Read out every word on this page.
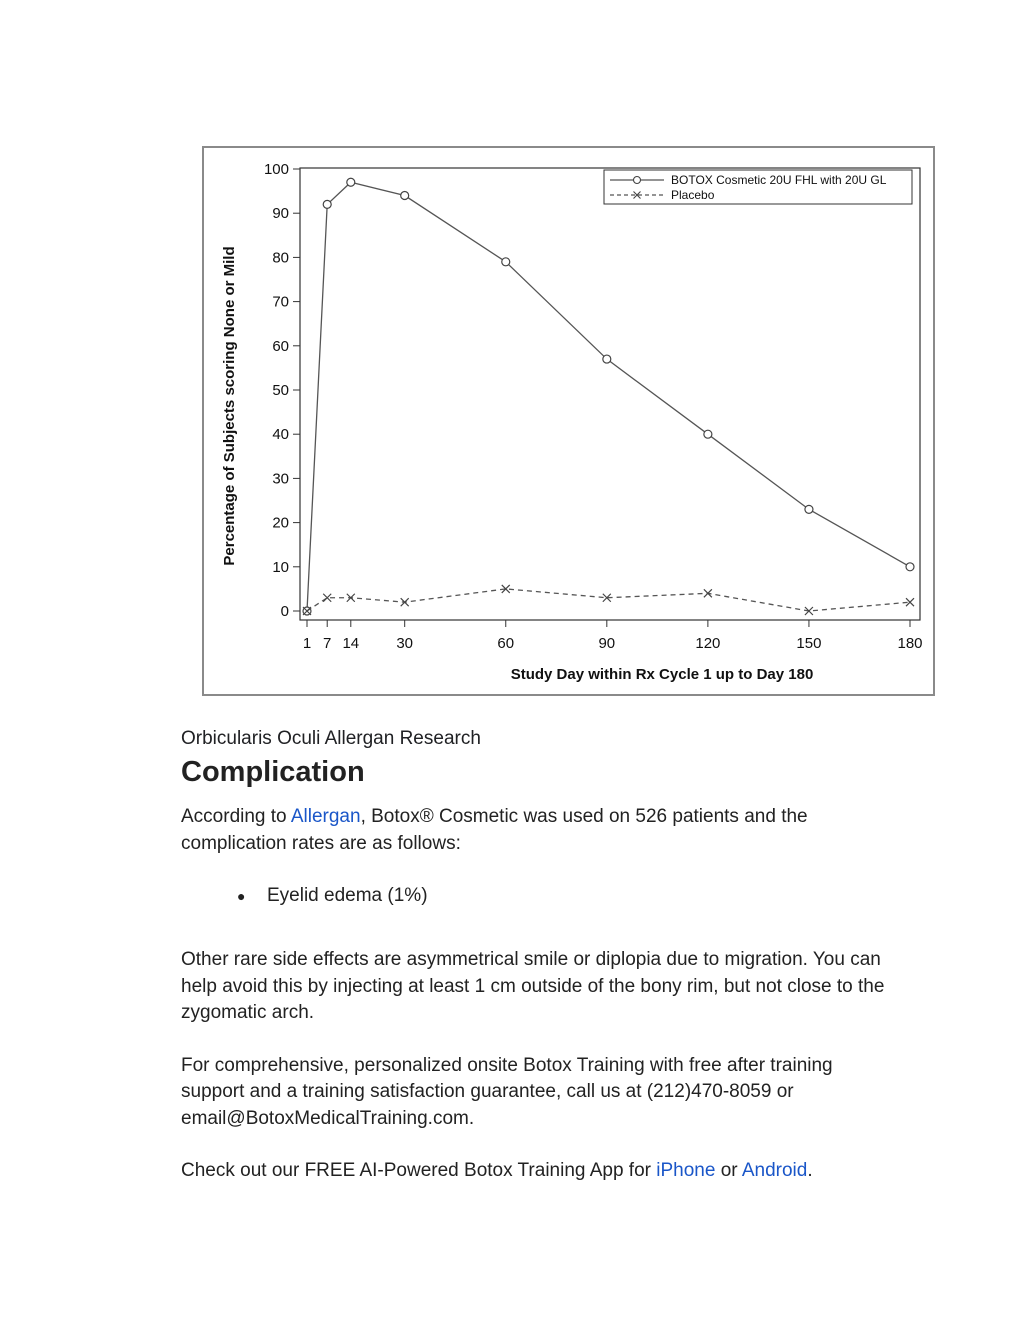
0
10
20
30
40
50
60
70
80
90
100
1 7 14 30	60	90	120	150	180
Study Day within Rx Cycle 1 up to Day 180
Percentage of Subjects scoring None or Mild
BOTOX Cosmetic 20U FHL with 20U GL
Placebo

Orbicularis Oculi Allergan Research

Complication

According to Allergan, Botox® Cosmetic was used on 526 patients and the complication rates are as follows:

●	Eyelid edema (1%)

Other rare side effects are asymmetrical smile or diplopia due to migration. You can help avoid this by injecting at least 1 cm outside of the bony rim, but not close to the zygomatic arch.

For comprehensive, personalized onsite Botox Training with free after training support and a training satisfaction guarantee, call us at (212)470-8059 or email@BotoxMedicalTraining.com.

Check out our FREE AI-Powered Botox Training App for iPhone or Android.
